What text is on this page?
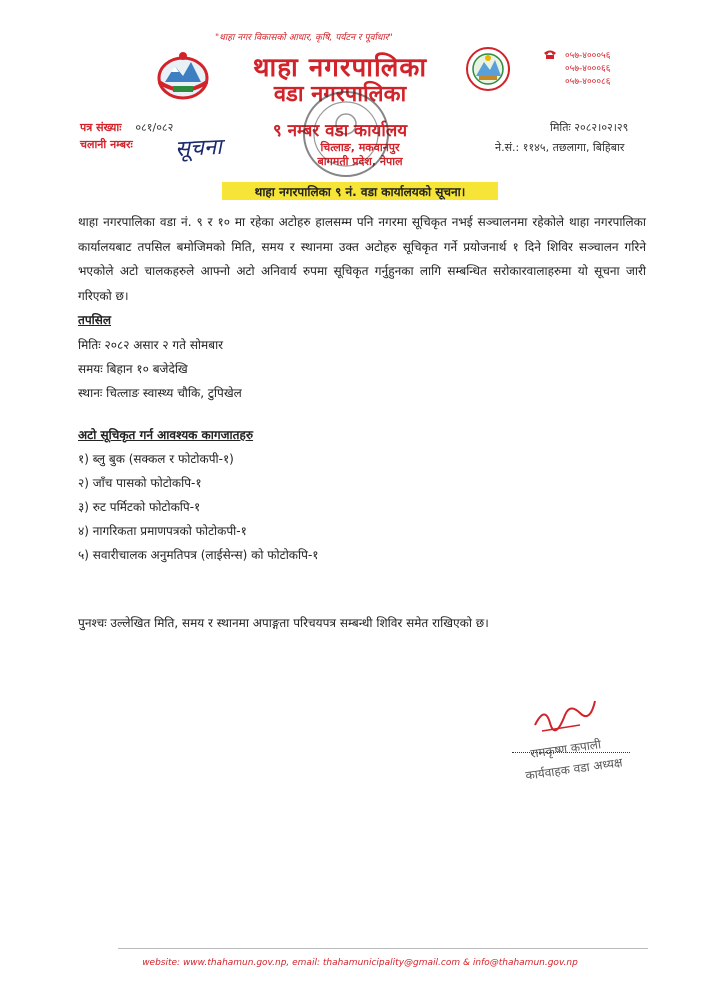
"थाहा नगर विकासको आधार, कृषि, पर्यटन र पूर्वाधार"
थाहा नगरपालिका
वडा नगरपालिका
९ नम्बर वडा कार्यालय
चित्लाङ, मकवानपुर
बागमती प्रदेश, नेपाल
०५७-४०००५६
०५७-४०००६६
०५७-४०००८६
पत्र संख्याः ०८१/०८२
चलानी नम्बरः सूचना
मितिः २०८२।०२।२९
ने.सं.: ११४५, तछलागा, बिहिबार
थाहा नगरपालिका ९ नं. वडा कार्यालयको सूचना।
थाहा नगरपालिका वडा नं. ९ र १० मा रहेका अटोहरु हालसम्म पनि नगरमा सूचिकृत नभई सञ्चालनमा रहेकोले थाहा नगरपालिका कार्यालयबाट तपसिल बमोजिमको मिति, समय र स्थानमा उक्त अटोहरु सूचिकृत गर्ने प्रयोजनार्थ १ दिने शिविर सञ्चालन गरिने भएकोले अटो चालकहरुले आफ्नो अटो अनिवार्य रुपमा सूचिकृत गर्नुहुनका लागि सम्बन्धित सरोकारवालाहरुमा यो सूचना जारी गरिएको छ।
तपसिल
मितिः २०८२ असार २ गते सोमबार
समयः बिहान १० बजेदेखि
स्थानः चित्लाङ स्वास्थ्य चौकि, टुपिखेल
अटो सूचिकृत गर्न आवश्यक कागजातहरु
१) ब्लु बुक (सक्कल र फोटोकपी-१)
२) जाँच पासको फोटोकपि-१
३) रुट पर्मिटको फोटोकपि-१
४) नागरिकता प्रमाणपत्रको फोटोकपी-१
५) सवारीचालक अनुमतिपत्र (लाईसेन्स) को फोटोकपि-१
पुनश्चः उल्लेखित मिति, समय र स्थानमा अपाङ्गता परिचयपत्र सम्बन्धी शिविर समेत राखिएको छ।
रामकृष्ण कपाली
कार्यवाहक वडा अध्यक्ष
website: www.thahamun.gov.np, email: thahamunicipality@gmail.com & info@thahamun.gov.np
